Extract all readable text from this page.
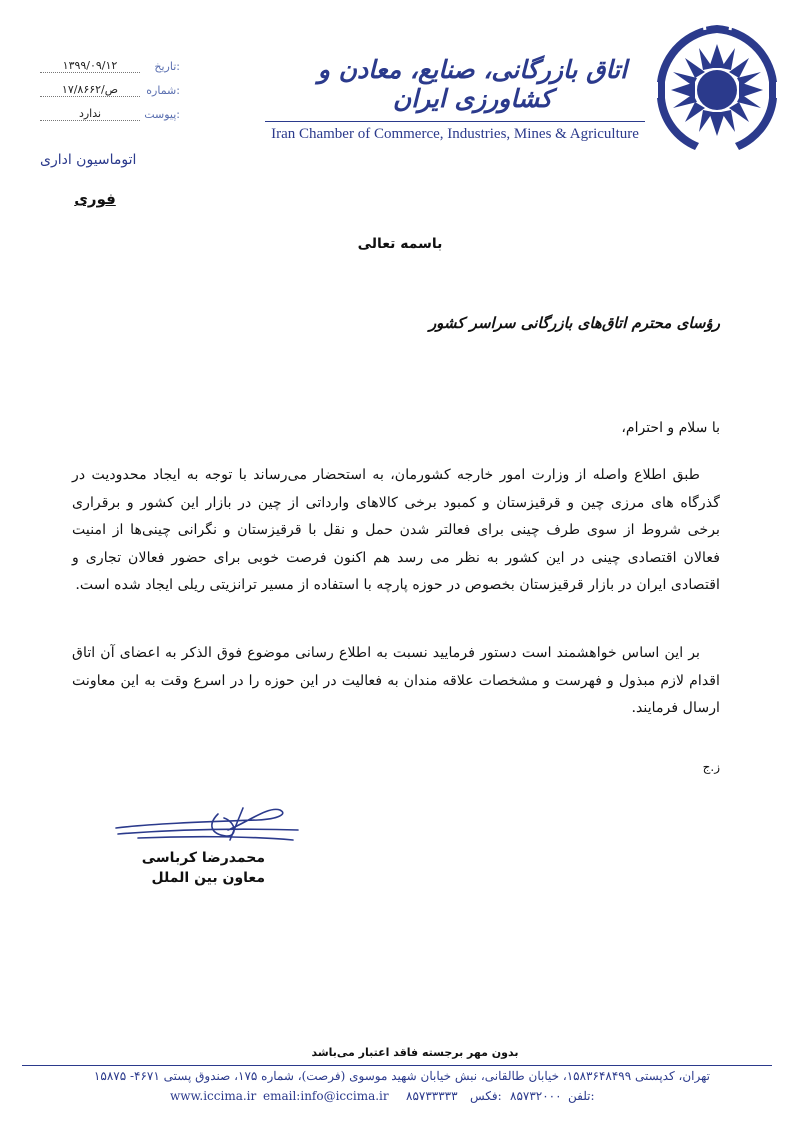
اتاق بازرگانی، صنایع، معادن و کشاورزی ایران
Iran Chamber of Commerce, Industries, Mines & Agriculture
تاریخ:
۱۳۹۹/۰۹/۱۲
شماره:
۱۷/۸۶۶۲/ص
پیوست:
ندارد
اتوماسیون اداری
فوری
باسمه تعالی
رؤسای محترم اتاق‌های بازرگانی سراسر کشور
با سلام و احترام،
طبق اطلاع واصله از وزارت امور خارجه کشورمان، به استحضار می‌رساند با توجه به ایجاد محدودیت در گذرگاه های مرزی چین و قرقیزستان و کمبود برخی کالاهای وارداتی از چین در بازار این کشور و برقراری برخی شروط از سوی طرف چینی برای فعالتر شدن حمل و نقل با قرقیزستان و نگرانی چینی‌ها از امنیت فعالان اقتصادی چینی در این کشور به نظر می رسد هم اکنون فرصت خوبی برای حضور فعالان تجاری و اقتصادی ایران در بازار قرقیزستان بخصوص در حوزه پارچه با استفاده از مسیر ترانزیتی ریلی ایجاد شده است.
بر این اساس خواهشمند است دستور فرمایید نسبت به اطلاع رسانی موضوع فوق الذکر به اعضای آن اتاق اقدام لازم مبذول و فهرست و مشخصات علاقه مندان به فعالیت در این حوزه را در اسرع وقت به این معاونت ارسال فرمایند.
ز.ج
محمدرضا کرباسی
معاون بین الملل
بدون مهر برجسته فاقد اعتبار می‌باشد
تهران، کدپستی ۱۵۸۳۶۴۸۴۹۹، خیابان طالقانی، نبش خیابان شهید موسوی (فرصت)، شماره ۱۷۵، صندوق پستی ۴۶۷۱- ۱۵۸۷۵
www.iccima.ir email:info@iccima.ir ۸۵۷۳۳۳۳۳ فکس: ۸۵۷۳۲۰۰۰ تلفن:
